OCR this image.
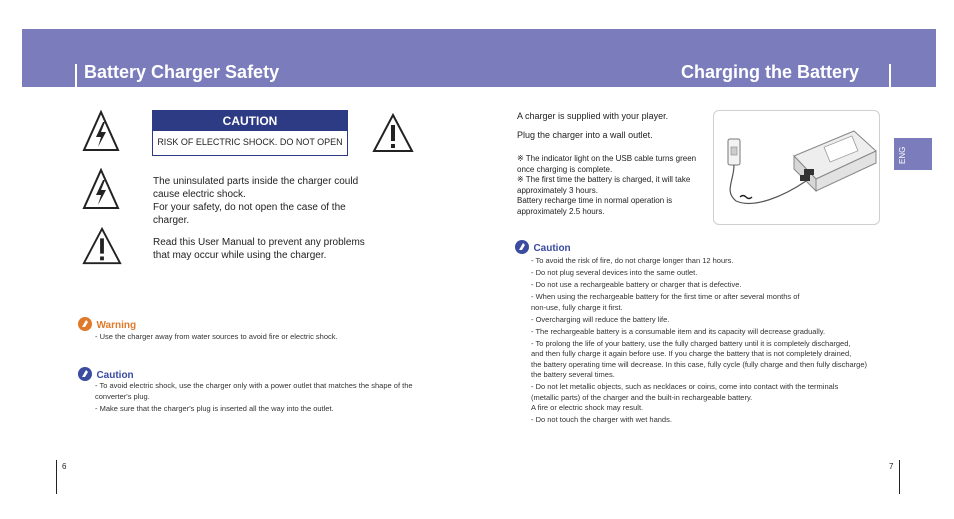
Battery Charger Safety	Charging the Battery
CAUTION
RISK OF ELECTRIC SHOCK. DO NOT OPEN
The uninsulated parts inside the charger could
cause electric shock.
For your safety, do not open the case of the
charger.
Read this User Manual to prevent any problems
that may occur while using the charger.
Warning
- Use the charger away from water sources to avoid fire or electric shock.
Caution
- To avoid electric shock, use the charger only with a power outlet that matches the shape of the
converter's plug.
- Make sure that the charger's plug is inserted all the way into the outlet.
6
A charger is supplied with your player.
Plug the charger into a wall outlet.
※ The indicator light on the USB cable turns green
once charging is complete.
※ The first time the battery is charged, it will take
approximately 3 hours.
Battery recharge time in normal operation is
approximately 2.5 hours.
ENG
Caution
- To avoid the risk of fire, do not charge longer than 12 hours.
- Do not plug several devices into the same outlet.
- Do not use a rechargeable battery or charger that is defective.
- When using the rechargeable battery for the first time or after several months of
non-use, fully charge it first.
- Overcharging will reduce the battery life.
- The rechargeable battery is a consumable item and its capacity will decrease gradually.
- To prolong the life of your battery, use the fully charged battery until it is completely discharged,
and then fully charge it again before use. If you charge the battery that is not completely drained,
the battery operating time will decrease. In this case, fully cycle (fully charge and then fully discharge)
the battery several times.
- Do not let metallic objects, such as necklaces or coins, come into contact with the terminals
(metallic parts) of the charger and the built-in rechargeable battery.
A fire or electric shock may result.
- Do not touch the charger with wet hands.
7
